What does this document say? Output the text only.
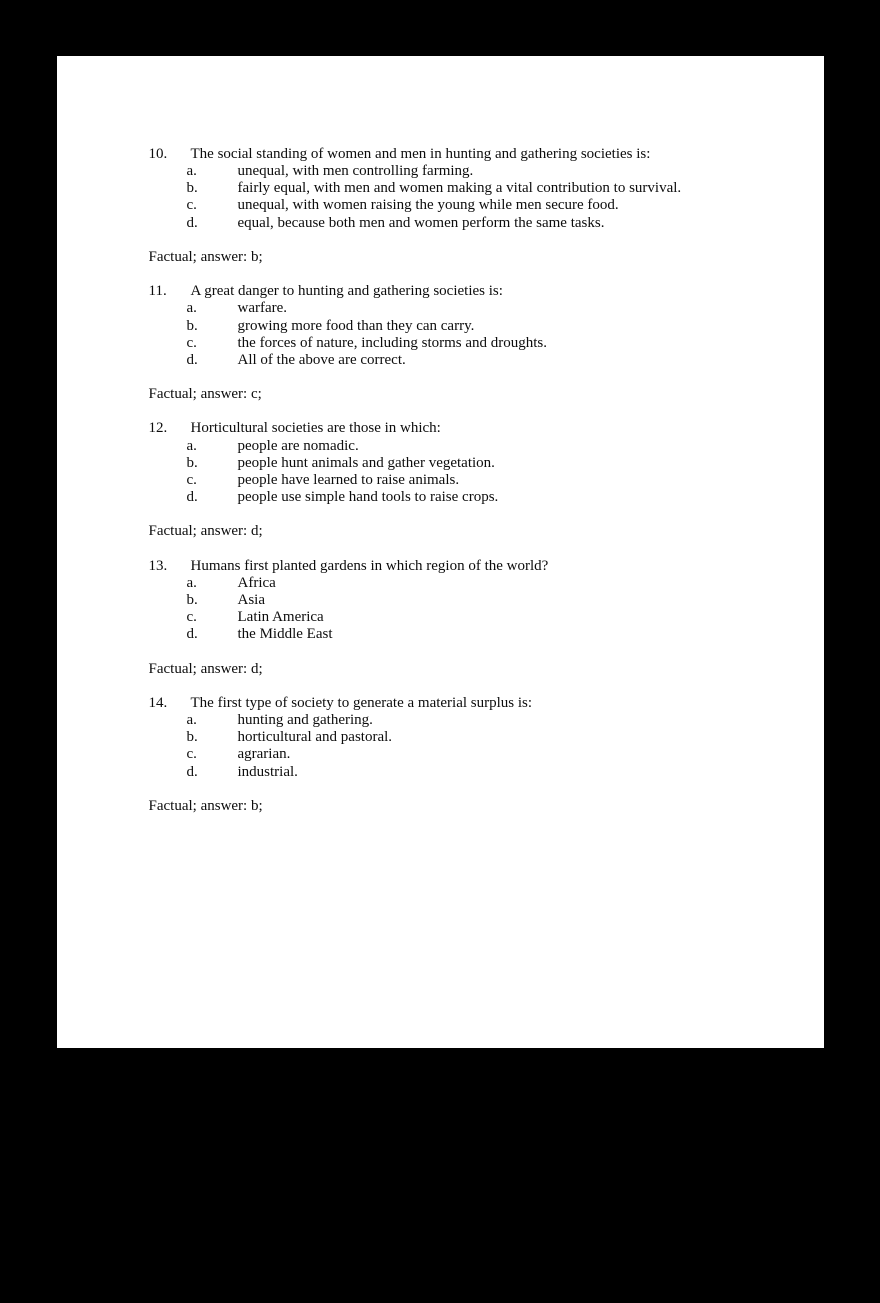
10.	The social standing of women and men in hunting and gathering societies is:
a.	unequal, with men controlling farming.
b.	fairly equal, with men and women making a vital contribution to survival.
c.	unequal, with women raising the young while men secure food.
d.	equal, because both men and women perform the same tasks.
Factual; answer: b;
11.	A great danger to hunting and gathering societies is:
a.	warfare.
b.	growing more food than they can carry.
c.	the forces of nature, including storms and droughts.
d.	All of the above are correct.
Factual; answer: c;
12.	Horticultural societies are those in which:
a.	people are nomadic.
b.	people hunt animals and gather vegetation.
c.	people have learned to raise animals.
d.	people use simple hand tools to raise crops.
Factual; answer: d;
13.	Humans first planted gardens in which region of the world?
a.	Africa
b.	Asia
c.	Latin America
d.	the Middle East
Factual; answer: d;
14.	The first type of society to generate a material surplus is:
a.	hunting and gathering.
b.	horticultural and pastoral.
c.	agrarian.
d.	industrial.
Factual; answer: b;
